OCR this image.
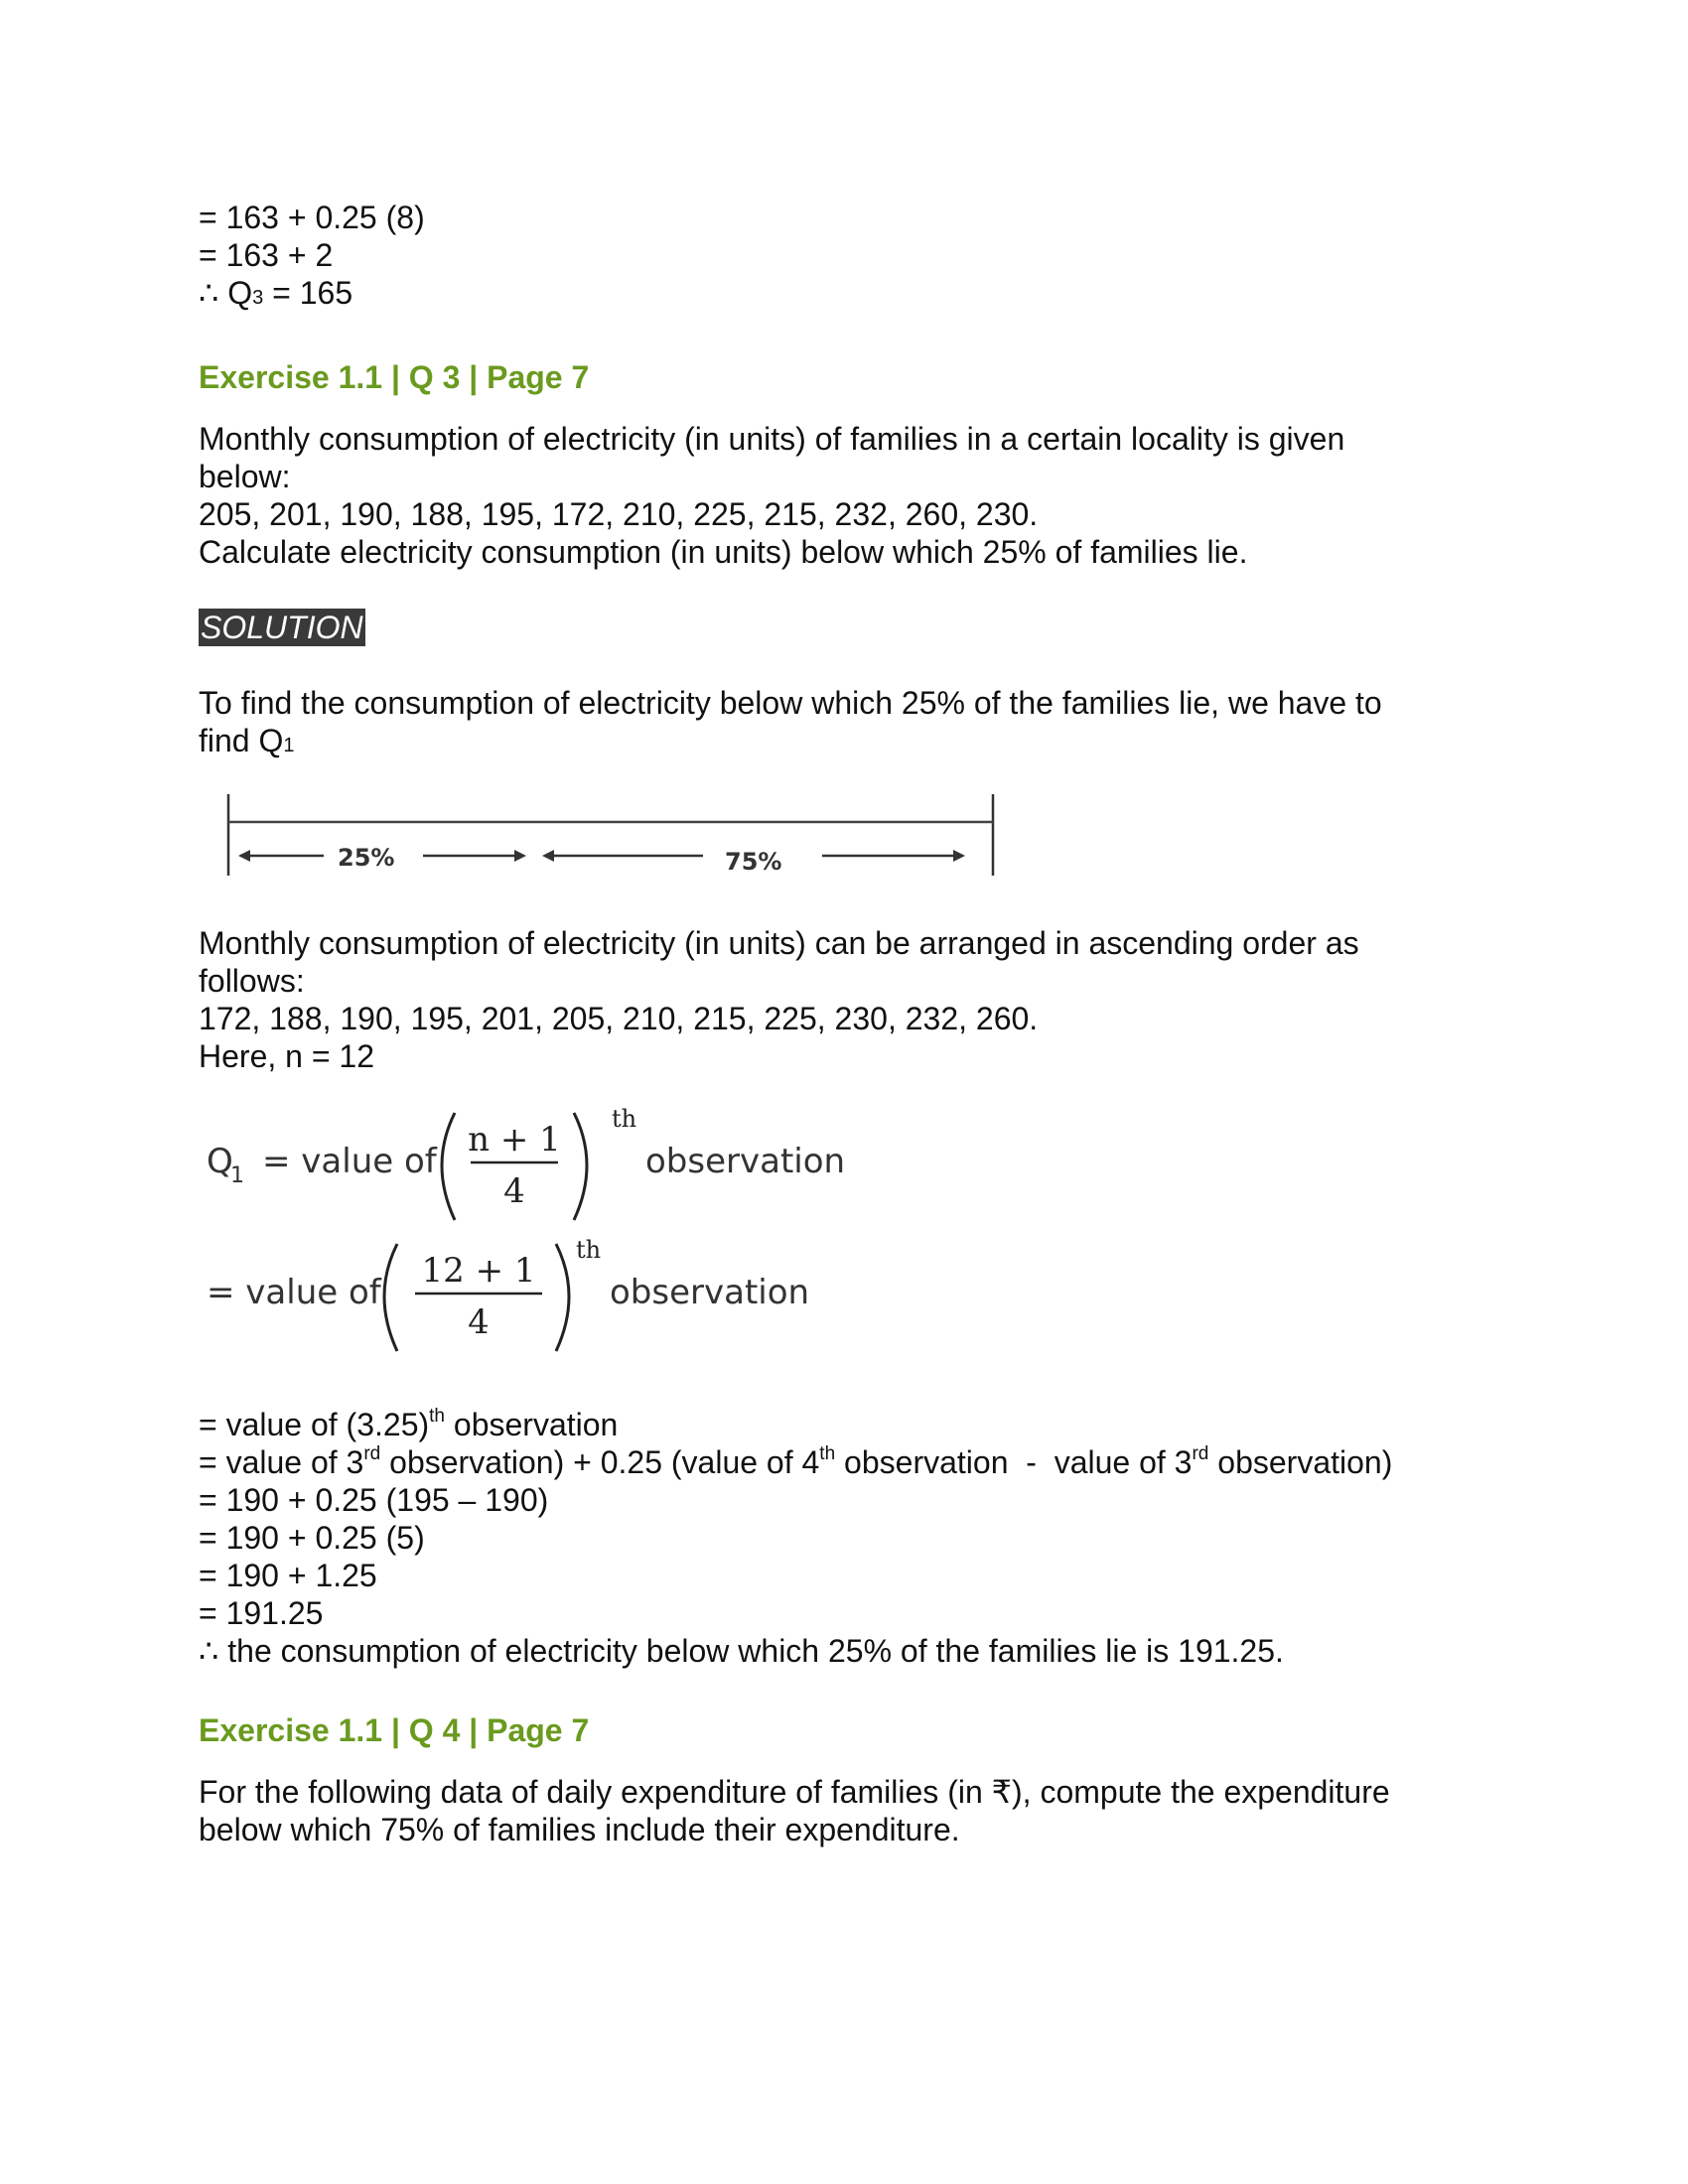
= 163 + 0.25 (8)
= 163 + 2
∴ Q3 = 165
Exercise 1.1 | Q 3 | Page 7
Monthly consumption of electricity (in units) of families in a certain locality is given
below:
205, 201, 190, 188, 195, 172, 210, 225, 215, 232, 260, 230.
Calculate electricity consumption (in units) below which 25% of families lie.
SOLUTION
To find the consumption of electricity below which 25% of the families lie, we have to
find Q1
25%	75%
Monthly consumption of electricity (in units) can be arranged in ascending order as
follows:
172, 188, 190, 195, 201, 205, 210, 215, 225, 230, 232, 260.
Here, n = 12
Q
1 = value of
n + 1
4
th
observation
= value of
12 + 1
4
th
observation
= value of $(3.25)^{th}$ observation
= value of 3rd observation) + 0.25 (value of 4th observation  -  value of 3rd observation)
= 190 + 0.25 (195 – 190)
= 190 + 0.25 (5)
= 190 + 1.25
= 191.25
∴ the consumption of electricity below which 25% of the families lie is 191.25.
Exercise 1.1 | Q 4 | Page 7
For the following data of daily expenditure of families (in ₹), compute the expenditure
below which 75% of families include their expenditure.
